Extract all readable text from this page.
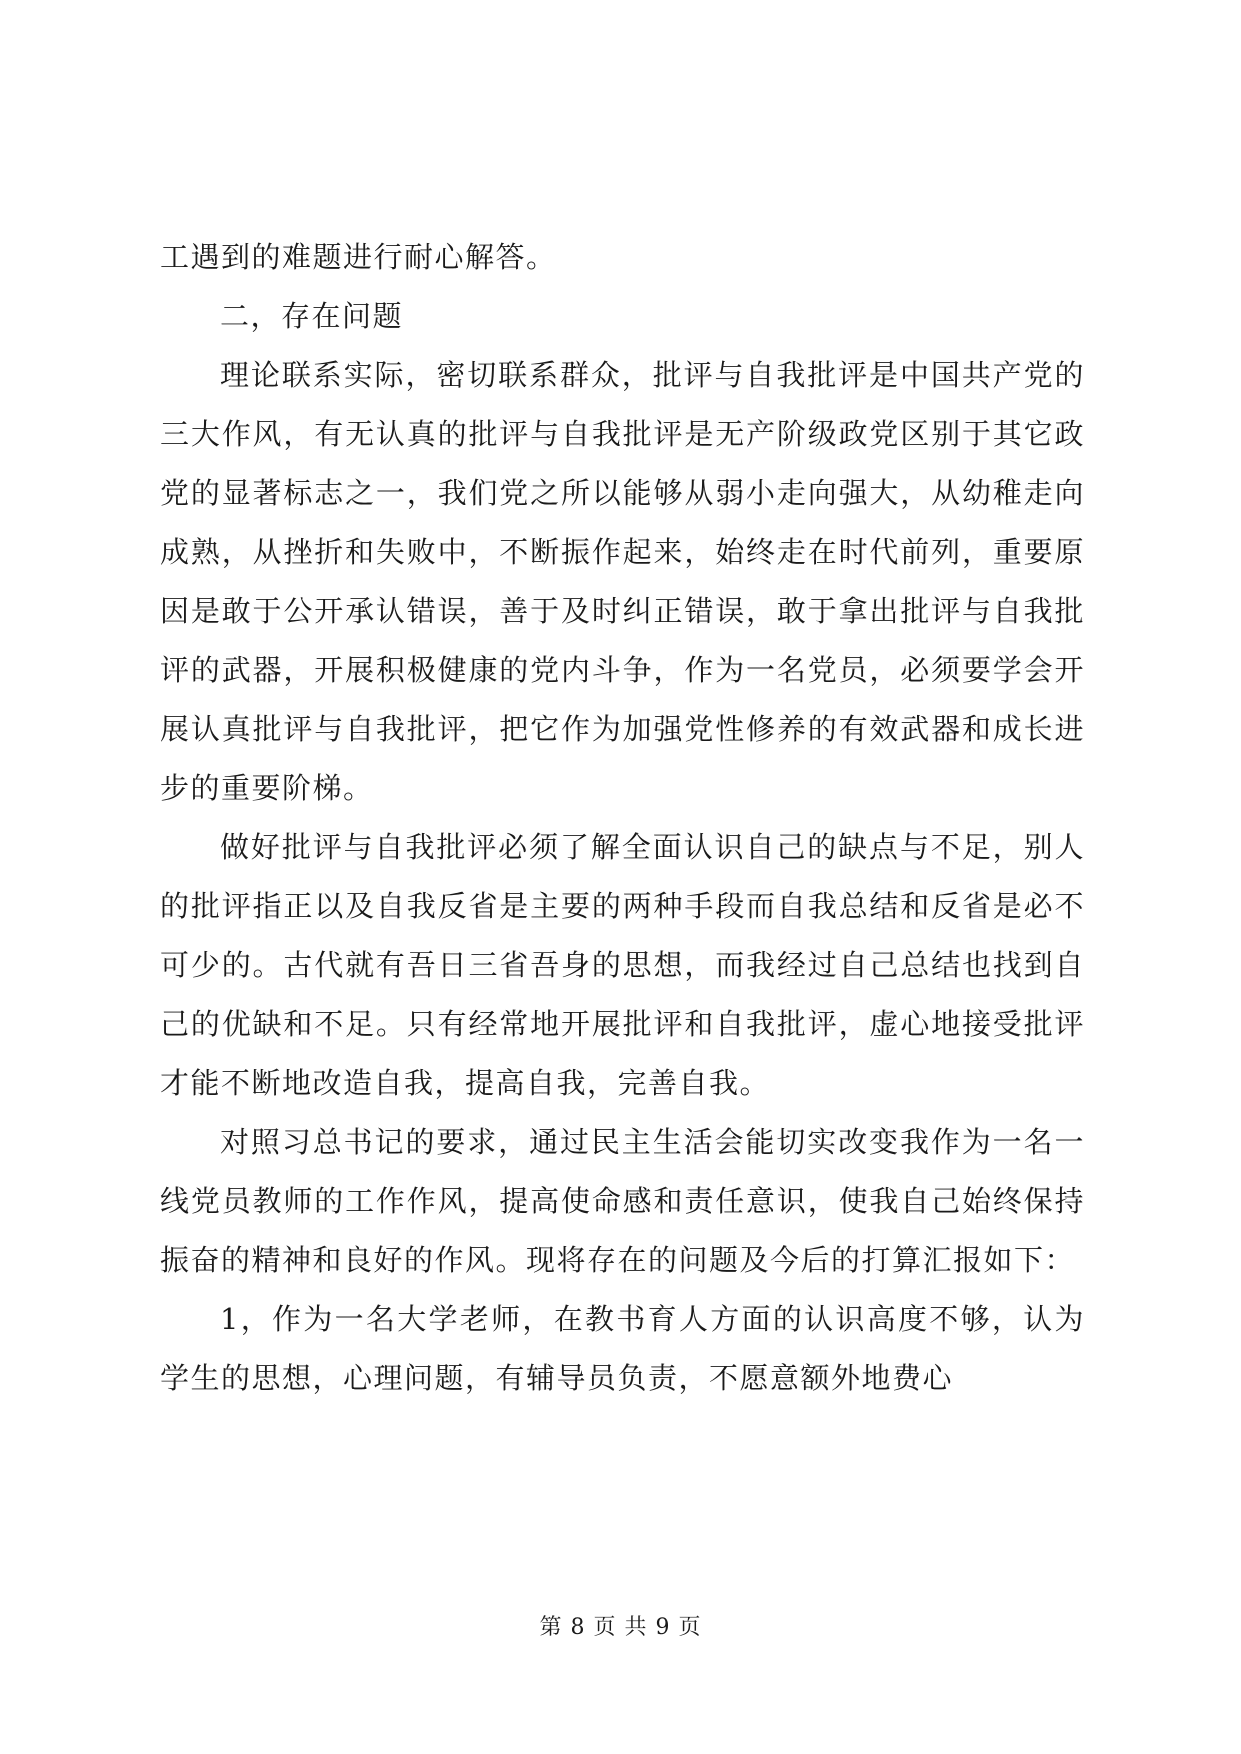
工遇到的难题进行耐心解答。

二，存在问题

理论联系实际，密切联系群众，批评与自我批评是中国共产党的三大作风，有无认真的批评与自我批评是无产阶级政党区别于其它政党的显著标志之一，我们党之所以能够从弱小走向强大，从幼稚走向成熟，从挫折和失败中，不断振作起来，始终走在时代前列，重要原因是敢于公开承认错误，善于及时纠正错误，敢于拿出批评与自我批评的武器，开展积极健康的党内斗争，作为一名党员，必须要学会开展认真批评与自我批评，把它作为加强党性修养的有效武器和成长进步的重要阶梯。

做好批评与自我批评必须了解全面认识自己的缺点与不足，别人的批评指正以及自我反省是主要的两种手段而自我总结和反省是必不可少的。古代就有吾日三省吾身的思想，而我经过自己总结也找到自己的优缺和不足。只有经常地开展批评和自我批评，虚心地接受批评才能不断地改造自我，提高自我，完善自我。

对照习总书记的要求，通过民主生活会能切实改变我作为一名一线党员教师的工作作风，提高使命感和责任意识，使我自己始终保持振奋的精神和良好的作风。现将存在的问题及今后的打算汇报如下：

1，作为一名大学老师，在教书育人方面的认识高度不够，认为学生的思想，心理问题，有辅导员负责，不愿意额外地费心

第 8 页 共 9 页
